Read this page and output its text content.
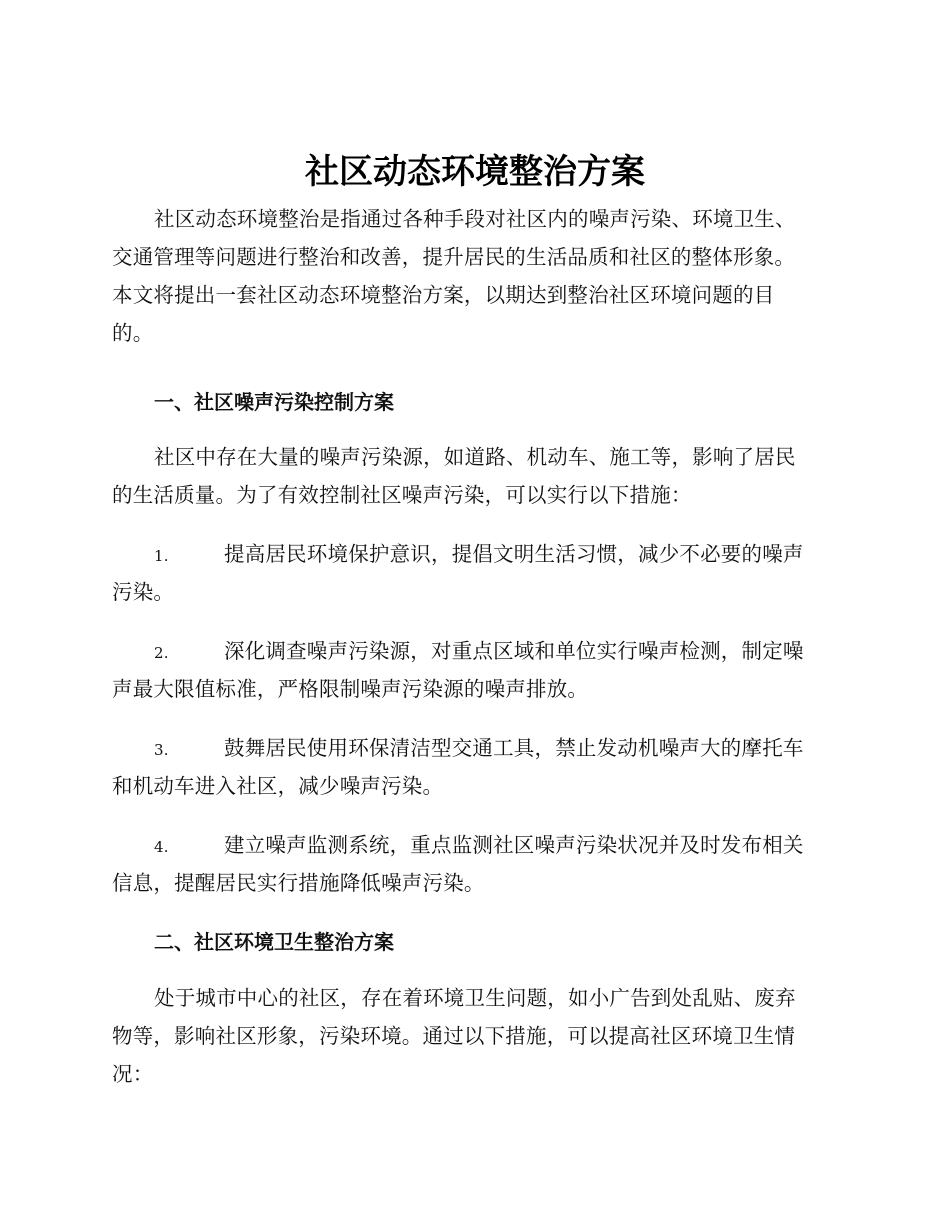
社区动态环境整治方案
社区动态环境整治是指通过各种手段对社区内的噪声污染、环境卫生、
交通管理等问题进行整治和改善，提升居民的生活品质和社区的整体形象。
本文将提出一套社区动态环境整治方案，以期达到整治社区环境问题的目
的。
一、社区噪声污染控制方案
社区中存在大量的噪声污染源，如道路、机动车、施工等，影响了居民
的生活质量。为了有效控制社区噪声污染，可以实行以下措施：
1.	提高居民环境保护意识，提倡文明生活习惯，减少不必要的噪声
污染。
2.	深化调查噪声污染源，对重点区域和单位实行噪声检测，制定噪
声最大限值标准，严格限制噪声污染源的噪声排放。
3.	鼓舞居民使用环保清洁型交通工具，禁止发动机噪声大的摩托车
和机动车进入社区，减少噪声污染。
4.	建立噪声监测系统，重点监测社区噪声污染状况并及时发布相关
信息，提醒居民实行措施降低噪声污染。
二、社区环境卫生整治方案
处于城市中心的社区，存在着环境卫生问题，如小广告到处乱贴、废弃
物等，影响社区形象，污染环境。通过以下措施，可以提高社区环境卫生情
况：
